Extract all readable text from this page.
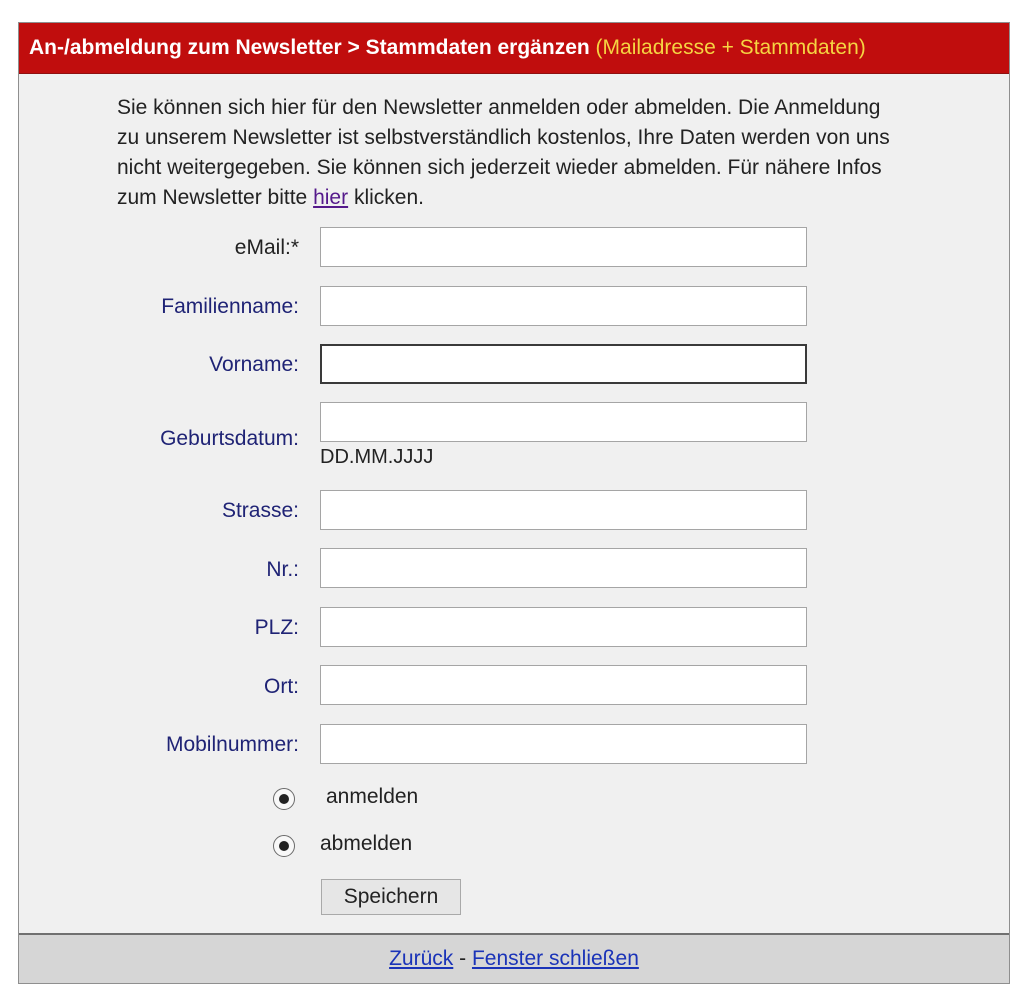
An-/abmeldung zum Newsletter > Stammdaten ergänzen
(Mailadresse + Stammdaten)
Sie können sich hier für den Newsletter anmelden oder abmelden. Die Anmeldung zu unserem Newsletter ist selbstverständlich kostenlos, Ihre Daten werden von uns nicht weitergegeben. Sie können sich jederzeit wieder abmelden. Für nähere Infos zum Newsletter bitte hier klicken.
eMail:*
Familienname:
Vorname:
Geburtsdatum:
DD.MM.JJJJ
Strasse:
Nr.:
PLZ:
Ort:
Mobilnummer:
anmelden
abmelden
Speichern
Zurück - Fenster schließen
